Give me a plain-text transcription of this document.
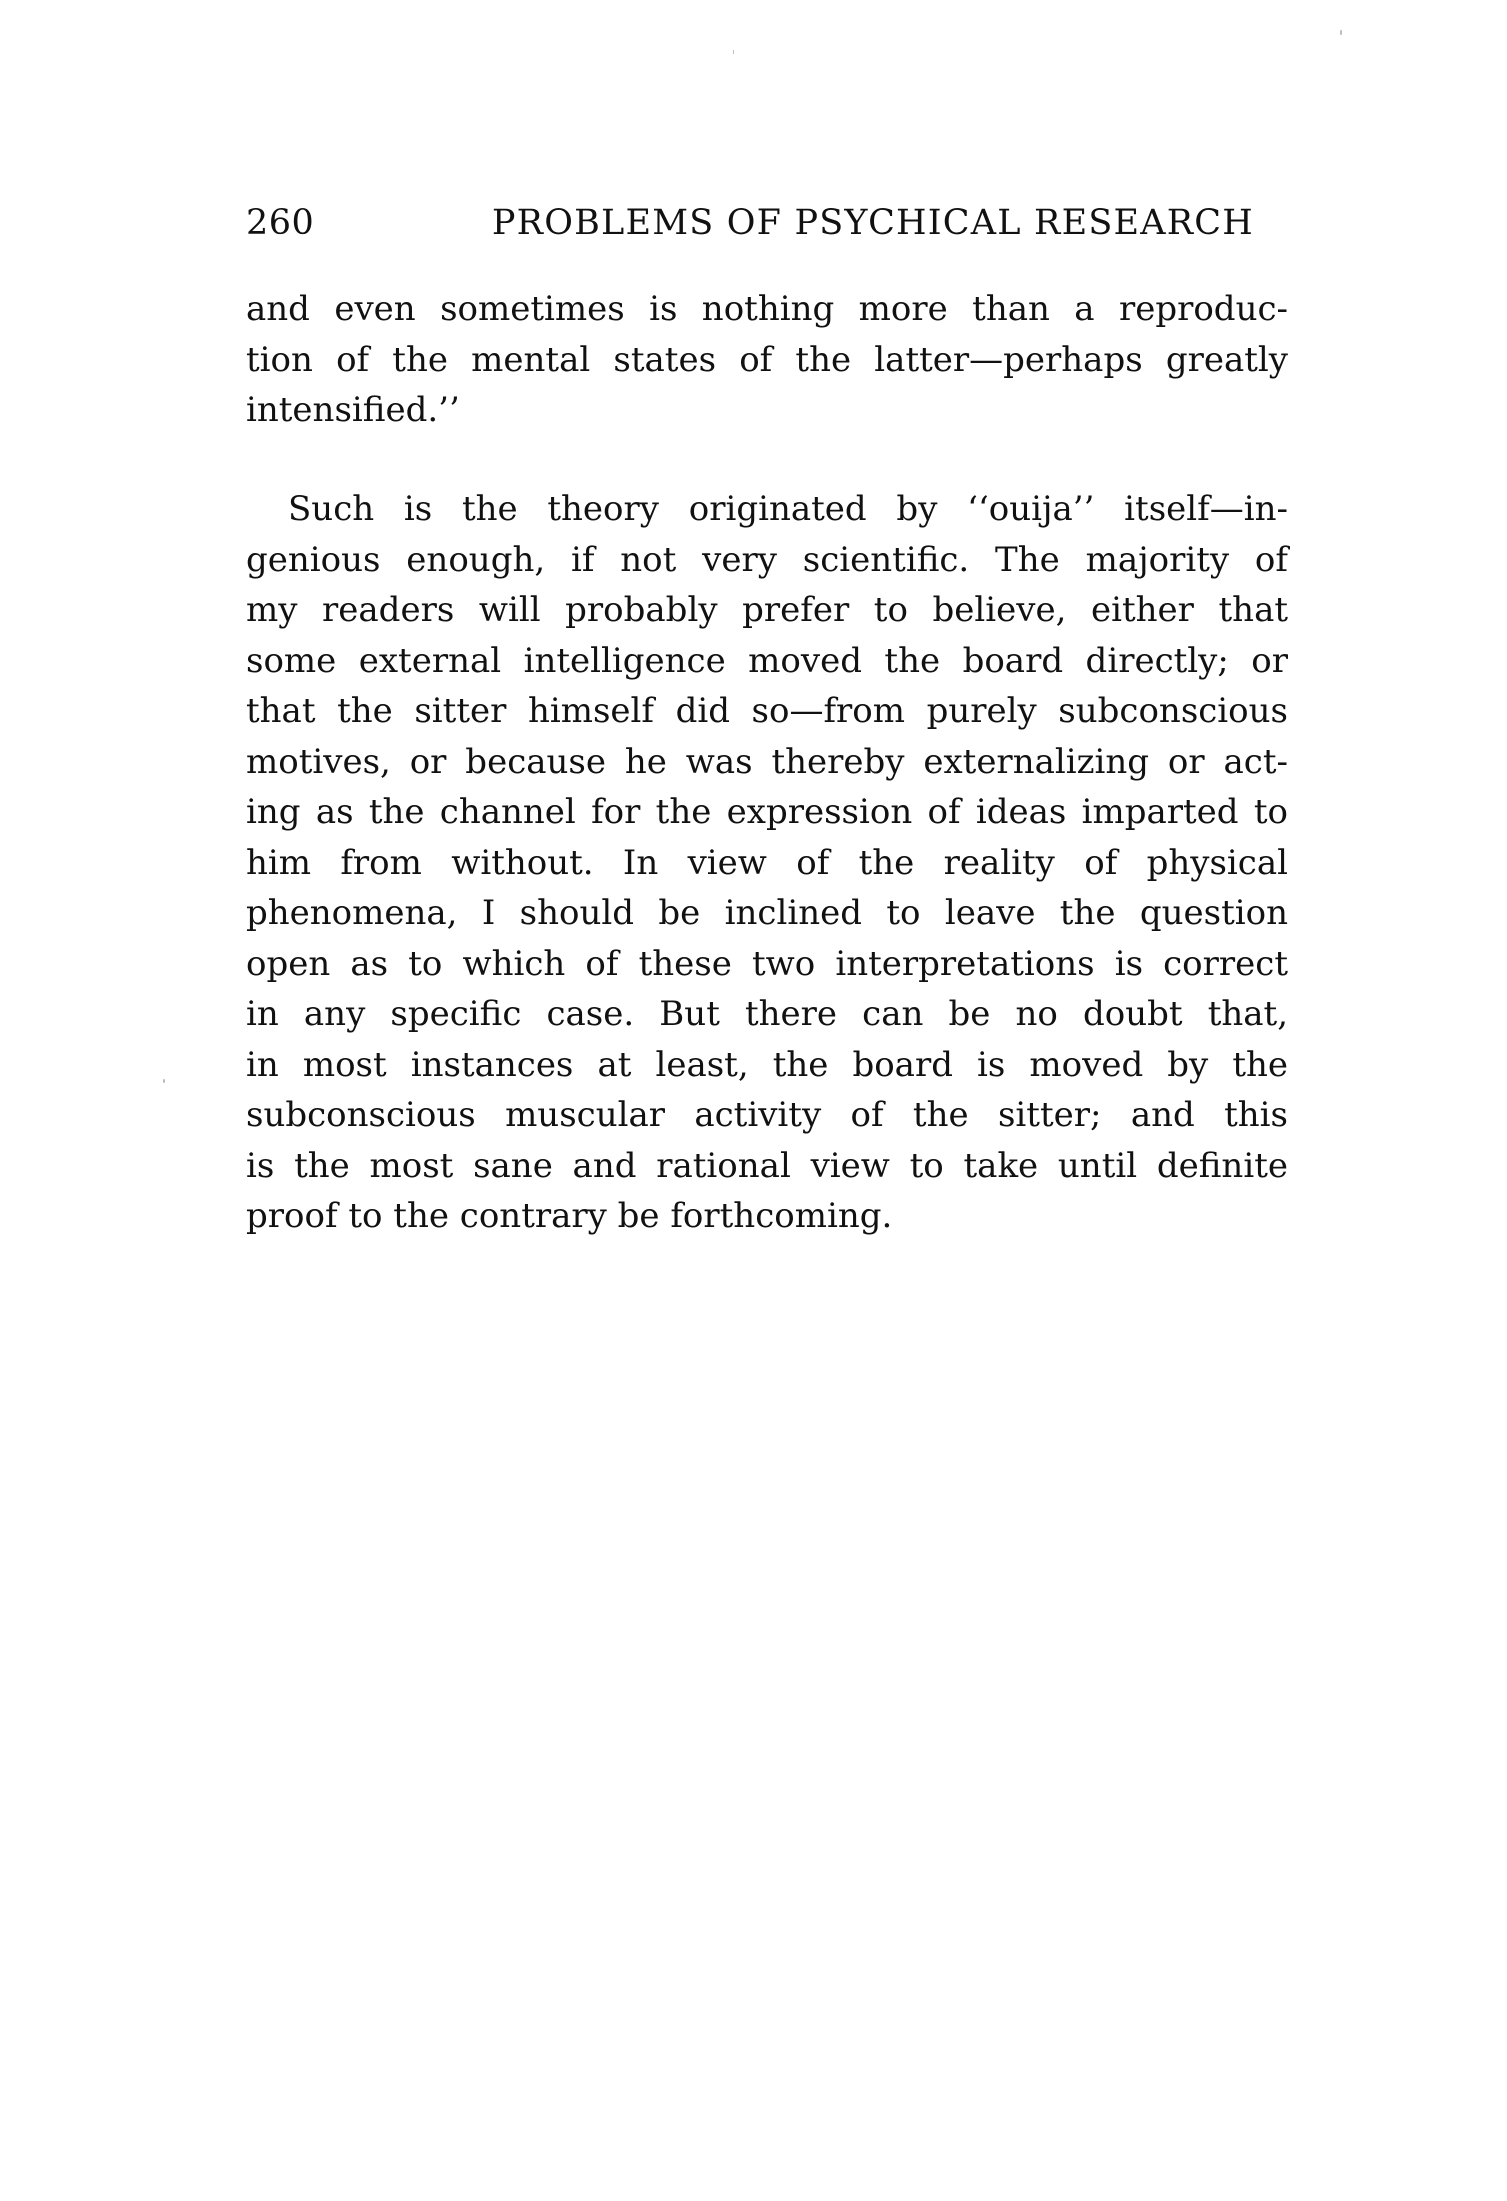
260	PROBLEMS OF PSYCHICAL RESEARCH
and even sometimes is nothing more than a reproduc-
tion of the mental states of the latter—perhaps greatly
intensified.’’
Such is the theory originated by ‘‘ouija’’ itself—in-
genious enough, if not very scientific. The majority of
my readers will probably prefer to believe, either that
some external intelligence moved the board directly; or
that the sitter himself did so—from purely subconscious
motives, or because he was thereby externalizing or act-
ing as the channel for the expression of ideas imparted to
him from without. In view of the reality of physical
phenomena, I should be inclined to leave the question
open as to which of these two interpretations is correct
in any specific case. But there can be no doubt that,
in most instances at least, the board is moved by the
subconscious muscular activity of the sitter; and this
is the most sane and rational view to take until definite
proof to the contrary be forthcoming.
